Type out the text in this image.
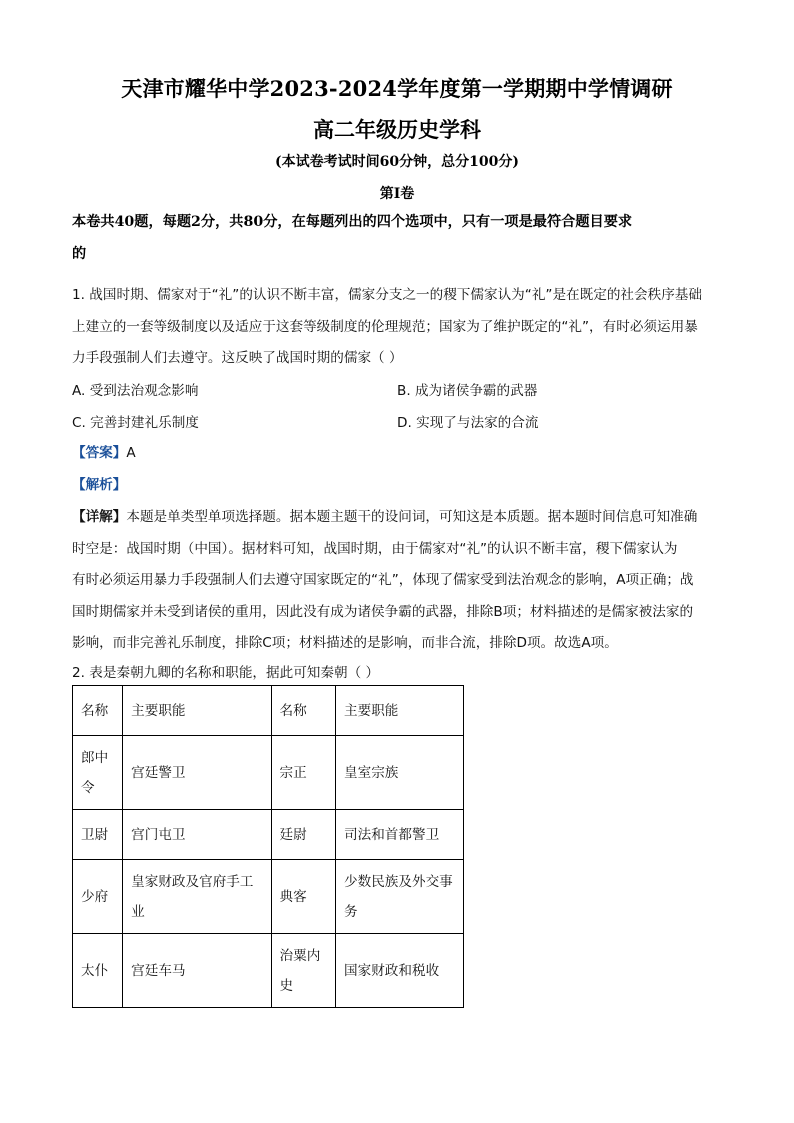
天津市耀华中学2023-2024学年度第一学期期中学情调研
高二年级历史学科
(本试卷考试时间60分钟，总分100分)
第Ⅰ卷
本卷共40题，每题2分，共80分，在每题列出的四个选项中，只有一项是最符合题目要求
的
1. 战国时期、儒家对于“礼”的认识不断丰富，儒家分支之一的稷下儒家认为“礼”是在既定的社会秩序基础
上建立的一套等级制度以及适应于这套等级制度的伦理规范；国家为了维护既定的“礼”，有时必须运用暴
力手段强制人们去遵守。这反映了战国时期的儒家（ ）
A. 受到法治观念影响	B. 成为诸侯争霸的武器
C. 完善封建礼乐制度	D. 实现了与法家的合流
【答案】A
【解析】
【详解】本题是单类型单项选择题。据本题主题干的设问词，可知这是本质题。据本题时间信息可知准确
时空是：战国时期（中国）。据材料可知，战国时期，由于儒家对“礼”的认识不断丰富，稷下儒家认为
有时必须运用暴力手段强制人们去遵守国家既定的“礼”，体现了儒家受到法治观念的影响，A项正确；战
国时期儒家并未受到诸侯的重用，因此没有成为诸侯争霸的武器，排除B项；材料描述的是儒家被法家的
影响，而非完善礼乐制度，排除C项；材料描述的是影响，而非合流，排除D项。故选A项。
2. 表是秦朝九卿的名称和职能，据此可知秦朝（ ）
名称	主要职能	名称	主要职能
郎中令	宫廷警卫	宗正	皇室宗族
卫尉	宫门屯卫	廷尉	司法和首都警卫
少府	皇家财政及官府手工业	典客	少数民族及外交事务
太仆	宫廷车马	治粟内史	国家财政和税收
